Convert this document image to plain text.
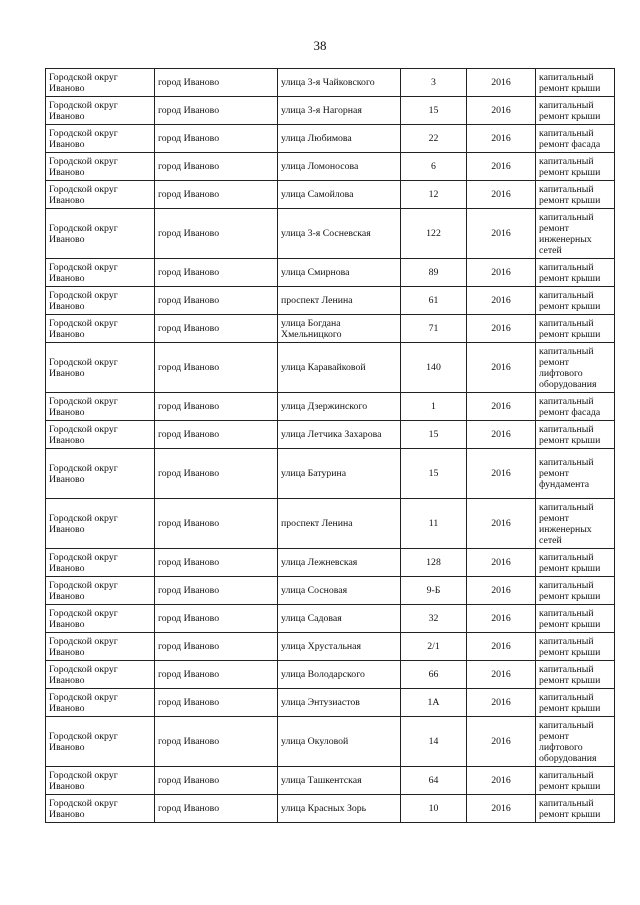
38
Городской округ Иваново	город Иваново	улица 3-я Чайковского	3	2016	капитальный ремонт крыши
Городской округ Иваново	город Иваново	улица 3-я Нагорная	15	2016	капитальный ремонт крыши
Городской округ Иваново	город Иваново	улица Любимова	22	2016	капитальный ремонт фасада
Городской округ Иваново	город Иваново	улица Ломоносова	6	2016	капитальный ремонт крыши
Городской округ Иваново	город Иваново	улица Самойлова	12	2016	капитальный ремонт крыши
Городской округ Иваново	город Иваново	улица 3-я Сосневская	122	2016	капитальный ремонт инженерных сетей
Городской округ Иваново	город Иваново	улица Смирнова	89	2016	капитальный ремонт крыши
Городской округ Иваново	город Иваново	проспект Ленина	61	2016	капитальный ремонт крыши
Городской округ Иваново	город Иваново	улица Богдана Хмельницкого	71	2016	капитальный ремонт крыши
Городской округ Иваново	город Иваново	улица Каравайковой	140	2016	капитальный ремонт лифтового оборудования
Городской округ Иваново	город Иваново	улица Дзержинского	1	2016	капитальный ремонт фасада
Городской округ Иваново	город Иваново	улица Летчика Захарова	15	2016	капитальный ремонт крыши
Городской округ Иваново	город Иваново	улица Батурина	15	2016	капитальный ремонт фундамента
Городской округ Иваново	город Иваново	проспект Ленина	11	2016	капитальный ремонт инженерных сетей
Городской округ Иваново	город Иваново	улица Лежневская	128	2016	капитальный ремонт крыши
Городской округ Иваново	город Иваново	улица Сосновая	9-Б	2016	капитальный ремонт крыши
Городской округ Иваново	город Иваново	улица Садовая	32	2016	капитальный ремонт крыши
Городской округ Иваново	город Иваново	улица Хрустальная	2/1	2016	капитальный ремонт крыши
Городской округ Иваново	город Иваново	улица Володарского	66	2016	капитальный ремонт крыши
Городской округ Иваново	город Иваново	улица Энтузиастов	1А	2016	капитальный ремонт крыши
Городской округ Иваново	город Иваново	улица Окуловой	14	2016	капитальный ремонт лифтового оборудования
Городской округ Иваново	город Иваново	улица Ташкентская	64	2016	капитальный ремонт крыши
Городской округ Иваново	город Иваново	улица Красных Зорь	10	2016	капитальный ремонт крыши
